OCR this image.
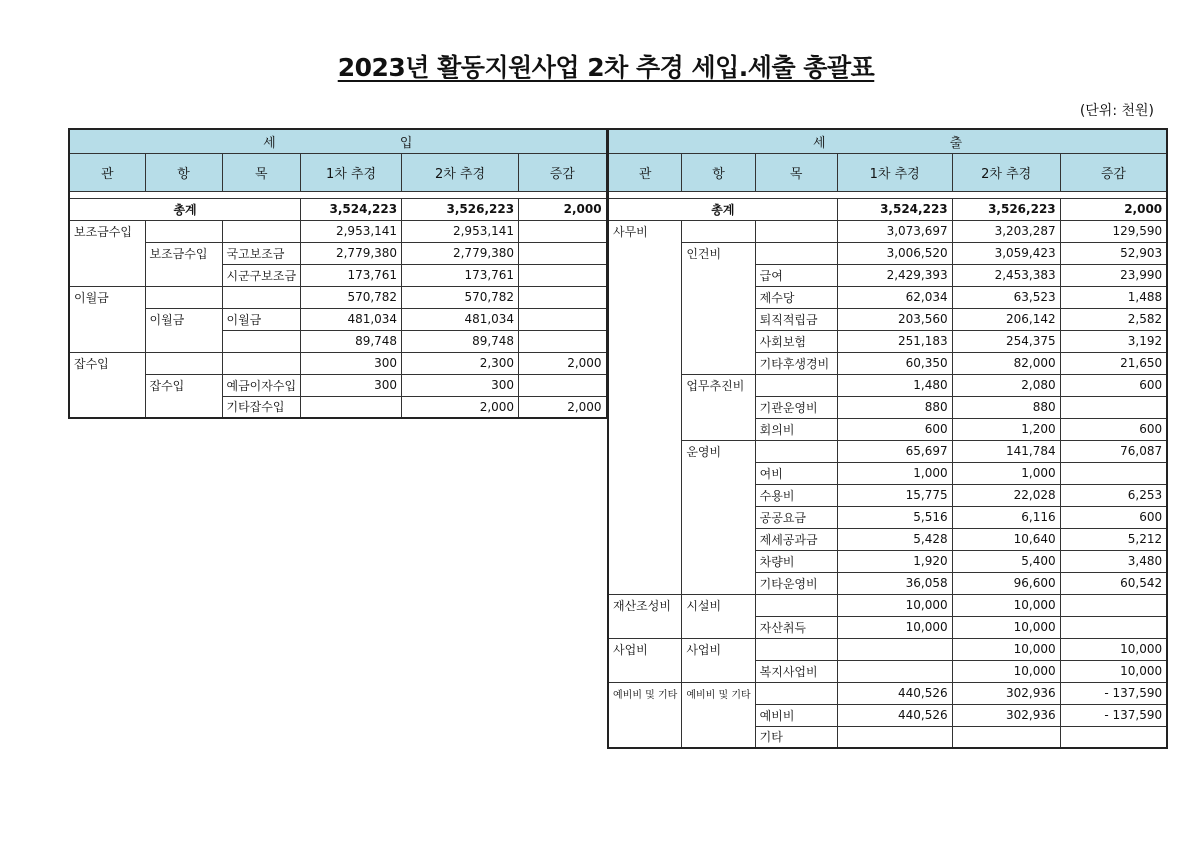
2023년 활동지원사업 2차 추경 세입.세출 총괄표
(단위: 천원)
세 입					
관	항	목	1차 추경	2차 추경	증감

총계			3,524,223	3,526,223	2,000
보조금수입			2,953,141	2,953,141	
	보조금수입	국고보조금	2,779,380	2,779,380	
		시군구보조금	173,761	173,761	
이월금			570,782	570,782	
	이월금	이월금	481,034	481,034	
			89,748	89,748	
잡수입			300	2,300	2,000
	잡수입	예금이자수입	300	300	
		기타잡수입		2,000	2,000
세 출					
관	항	목	1차 추경	2차 추경	증감

총계			3,524,223	3,526,223	2,000
사무비			3,073,697	3,203,287	129,590
	인건비		3,006,520	3,059,423	52,903
		급여	2,429,393	2,453,383	23,990
		제수당	62,034	63,523	1,488
		퇴직적립금	203,560	206,142	2,582
		사회보험	251,183	254,375	3,192
		기타후생경비	60,350	82,000	21,650
	업무추진비		1,480	2,080	600
		기관운영비	880	880	
		회의비	600	1,200	600
	운영비		65,697	141,784	76,087
		여비	1,000	1,000	
		수용비	15,775	22,028	6,253
		공공요금	5,516	6,116	600
		제세공과금	5,428	10,640	5,212
		차량비	1,920	5,400	3,480
		기타운영비	36,058	96,600	60,542
재산조성비	시설비		10,000	10,000	
		자산취득	10,000	10,000	
사업비	사업비			10,000	10,000
		복지사업비		10,000	10,000
예비비 및 기타	예비비 및 기타		440,526	302,936	- 137,590
		예비비	440,526	302,936	- 137,590
		기타			
